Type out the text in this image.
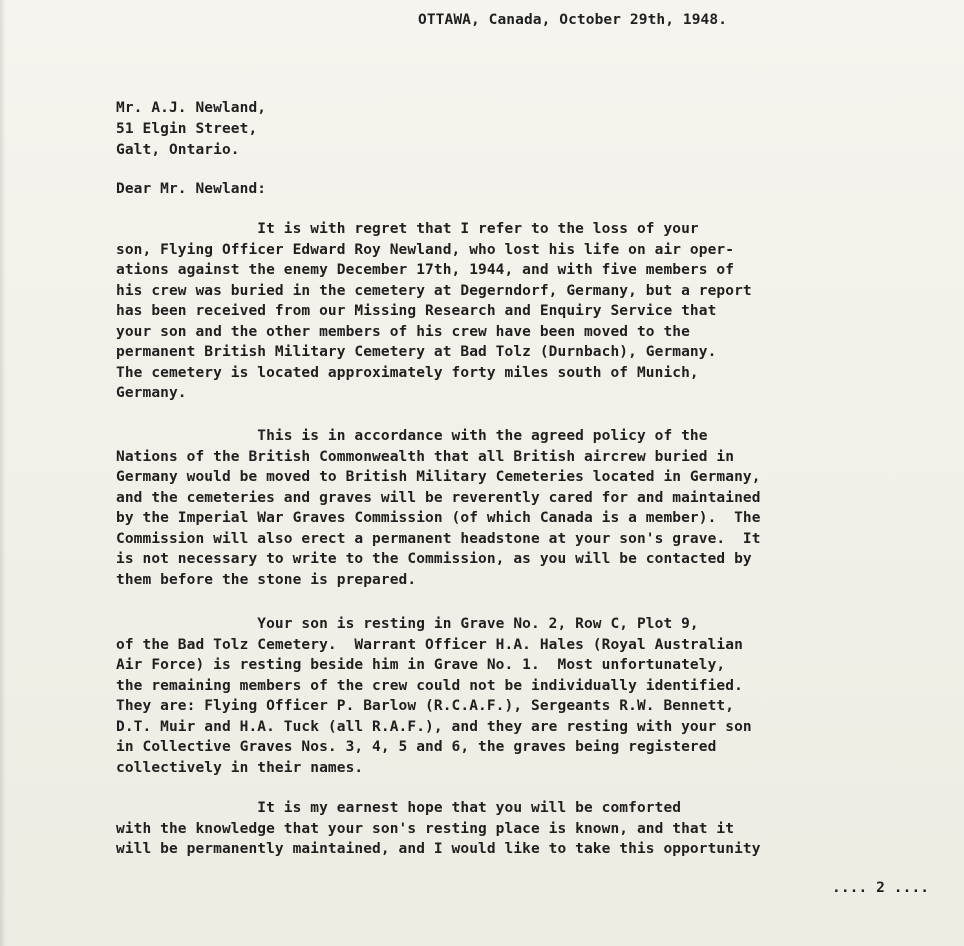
OTTAWA, Canada, October 29th, 1948.
Mr. A.J. Newland,
51 Elgin Street,
Galt, Ontario.
Dear Mr. Newland:
It is with regret that I refer to the loss of your
son, Flying Officer Edward Roy Newland, who lost his life on air oper-
ations against the enemy December 17th, 1944, and with five members of
his crew was buried in the cemetery at Degerndorf, Germany, but a report
has been received from our Missing Research and Enquiry Service that
your son and the other members of his crew have been moved to the
permanent British Military Cemetery at Bad Tolz (Durnbach), Germany.
The cemetery is located approximately forty miles south of Munich,
Germany.
This is in accordance with the agreed policy of the
Nations of the British Commonwealth that all British aircrew buried in
Germany would be moved to British Military Cemeteries located in Germany,
and the cemeteries and graves will be reverently cared for and maintained
by the Imperial War Graves Commission (of which Canada is a member).  The
Commission will also erect a permanent headstone at your son's grave.  It
is not necessary to write to the Commission, as you will be contacted by
them before the stone is prepared.
Your son is resting in Grave No. 2, Row C, Plot 9,
of the Bad Tolz Cemetery.  Warrant Officer H.A. Hales (Royal Australian
Air Force) is resting beside him in Grave No. 1.  Most unfortunately,
the remaining members of the crew could not be individually identified.
They are: Flying Officer P. Barlow (R.C.A.F.), Sergeants R.W. Bennett,
D.T. Muir and H.A. Tuck (all R.A.F.), and they are resting with your son
in Collective Graves Nos. 3, 4, 5 and 6, the graves being registered
collectively in their names.
It is my earnest hope that you will be comforted
with the knowledge that your son's resting place is known, and that it
will be permanently maintained, and I would like to take this opportunity
.... 2 ....
